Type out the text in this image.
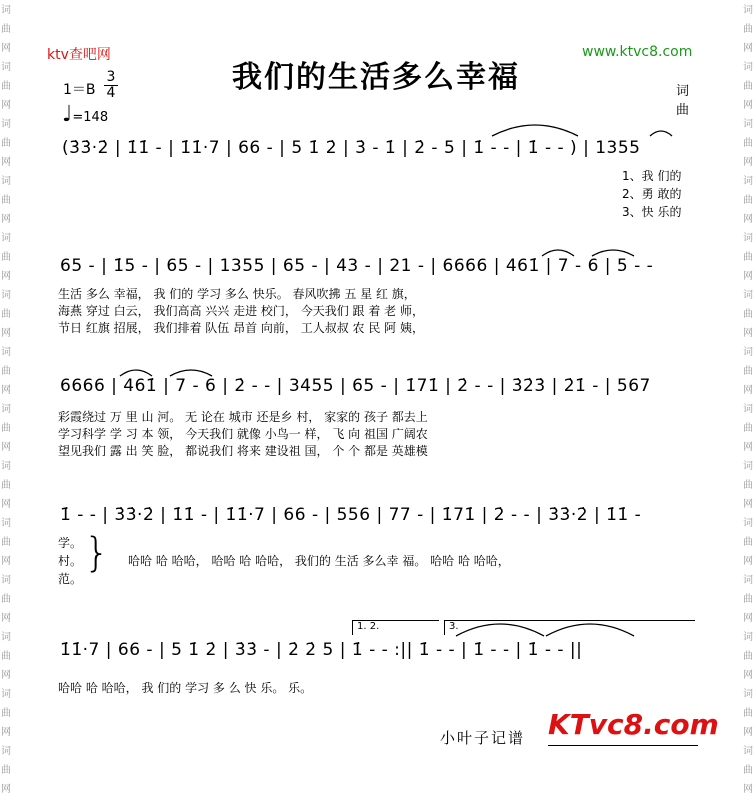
词
曲
网
词
曲
网
词
曲
网
词
曲
网
词
曲
网
词
曲
网
词
曲
网
词
曲
网
词
曲
网
词
曲
网
词
曲
网
词
曲
网
词
曲
网
词
曲
网
词
曲
网
词
曲
网
词
曲
网
词
曲
网
词
曲
网
词
曲
网
词
曲
网
词
曲
网
词
曲
网
词
曲
网
词
曲
网
词
曲
网
词
曲
网
词
曲
网
ktv查吧网	www.ktvc8.com
我们的生活多么幸福
1＝B
3
4
♩=148
词
曲
(3̇3̇·2̇ | 1̇1̇ - | 1̇1̇·7 | 66 - | 5 1̇ 2̇ | 3̇ - 1̇ | 2̇ - 5 | 1̇ - - | 1̇ - - ) | 1355
1、我 们的
2、勇 敢的
3、快 乐的
65 - | 1̇5 - | 65 - | 1355 | 65 - | 43 - | 21 - | 6666 | 461̇ | 7 - 6 | 5 - -
生活 多么 幸福， 我 们的 学习 多么 快乐。 春风吹拂 五 星 红 旗，
海燕 穿过 白云， 我们高高 兴兴 走进 校门， 今天我们 跟 着 老 师，
节日 红旗 招展， 我们排着 队伍 昂首 向前， 工人叔叔 农 民 阿 姨，
6666 | 461̇ | 7 - 6 | 2̇ - - | 3455 | 65 - | 1̇71̇ | 2̇ - - | 3̇2̇3̇ | 2̇1̇ - | 567
彩霞绕过 万 里 山 河。 无 论在 城市 还是乡 村， 家家的 孩子 都去上
学习科学 学 习 本 领， 今天我们 就像 小鸟一 样， 飞 向 祖国 广阔农
望见我们 露 出 笑 脸， 都说我们 将来 建设祖 国， 个 个 都是 英雄模
1̇ - - | 3̇3̇·2̇ | 1̇1̇ - | 1̇1̇·7 | 66 - | 556 | 77 - | 1̇71̇ | 2̇ - - | 3̇3̇·2̇ | 1̇1̇ -
学。
村。
范。
} 哈哈 哈 哈哈， 哈哈 哈 哈哈， 我们的 生活 多么幸 福。 哈哈 哈 哈哈，
1. 2.	3.
1̇1̇·7 | 66 - | 5 1̇ 2̇ | 3̇3̇ - | 2̇ 2̇ 5 | 1̇ - - :|| 1̇ - - | 1̇ - - | 1̇ - - ||
哈哈 哈 哈哈， 我 们的 学习 多 么 快 乐。 乐。
小叶子记谱 KTvc8.com
